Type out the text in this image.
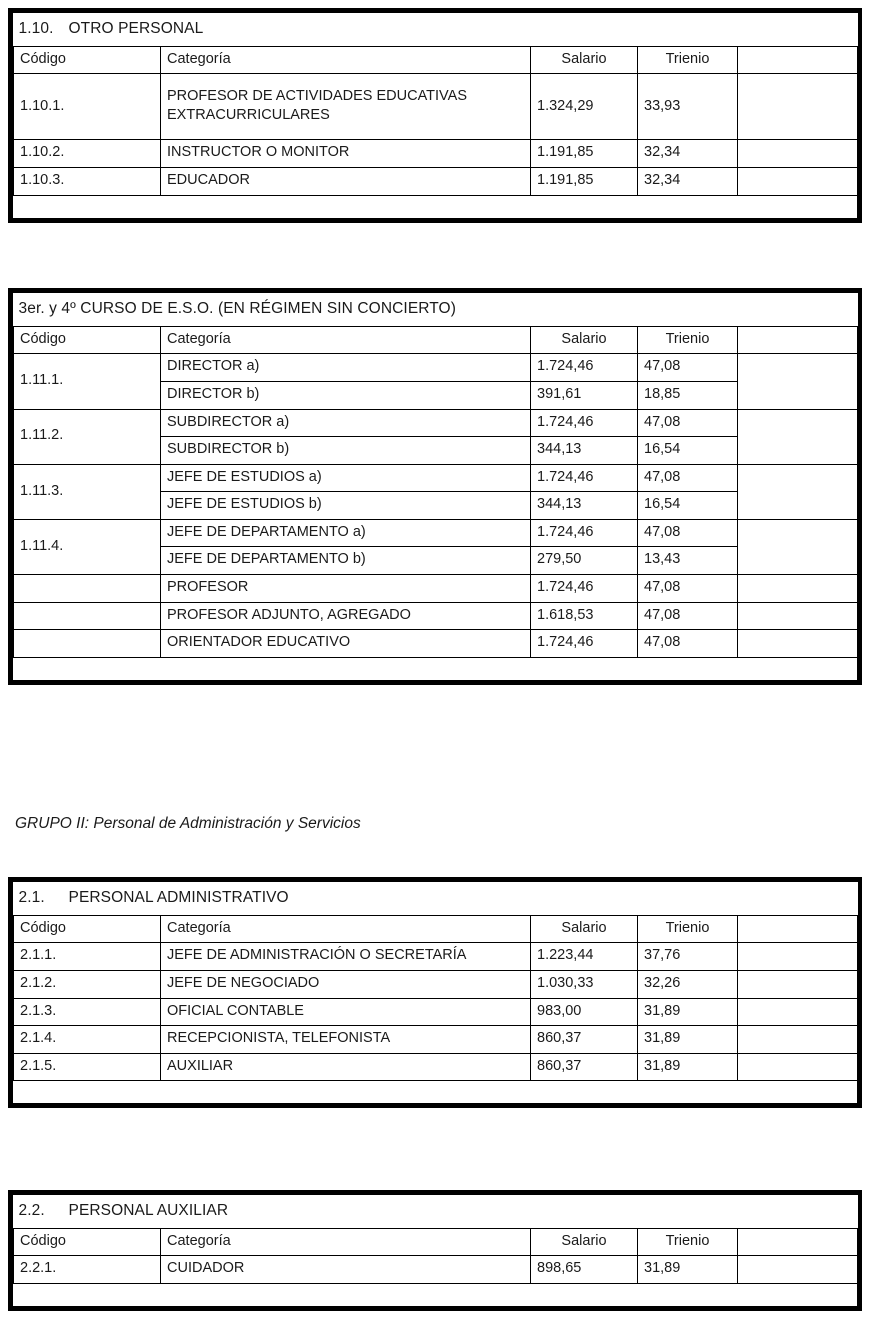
1.10. OTRO PERSONAL				
Código	Categoría	Salario	Trienio	
1.10.1.	PROFESOR DE ACTIVIDADES EDUCATIVAS EXTRACURRICULARES	1.324,29	33,93	
1.10.2.	INSTRUCTOR O MONITOR	1.191,85	32,34	
1.10.3.	EDUCADOR	1.191,85	32,34	
3er. y 4º CURSO DE E.S.O. (EN RÉGIMEN SIN CONCIERTO)				
Código	Categoría	Salario	Trienio	
1.11.1.	DIRECTOR a)	1.724,46	47,08	
	DIRECTOR b)	391,61	18,85	
1.11.2.	SUBDIRECTOR a)	1.724,46	47,08	
	SUBDIRECTOR b)	344,13	16,54	
1.11.3.	JEFE DE ESTUDIOS a)	1.724,46	47,08	
	JEFE DE ESTUDIOS b)	344,13	16,54	
1.11.4.	JEFE DE DEPARTAMENTO a)	1.724,46	47,08	
	JEFE DE DEPARTAMENTO b)	279,50	13,43	
	PROFESOR	1.724,46	47,08	
	PROFESOR ADJUNTO, AGREGADO	1.618,53	47,08	
	ORIENTADOR EDUCATIVO	1.724,46	47,08	
GRUPO II: Personal de Administración y Servicios
2.1. PERSONAL ADMINISTRATIVO				
Código	Categoría	Salario	Trienio	
2.1.1.	JEFE DE ADMINISTRACIÓN O SECRETARÍA	1.223,44	37,76	
2.1.2.	JEFE DE NEGOCIADO	1.030,33	32,26	
2.1.3.	OFICIAL CONTABLE	983,00	31,89	
2.1.4.	RECEPCIONISTA, TELEFONISTA	860,37	31,89	
2.1.5.	AUXILIAR	860,37	31,89	
2.2. PERSONAL AUXILIAR				
Código	Categoría	Salario	Trienio	
2.2.1.	CUIDADOR	898,65	31,89	
